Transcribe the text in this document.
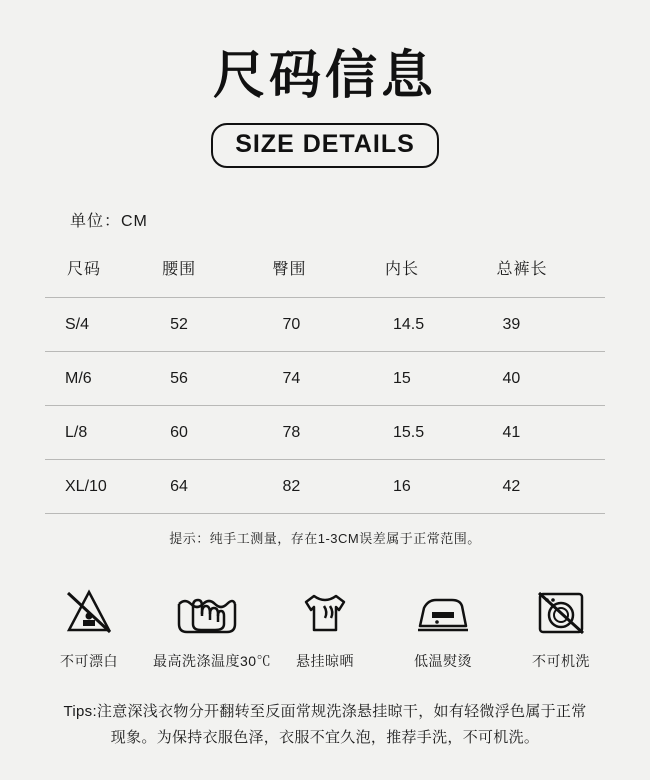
尺码信息
SIZE DETAILS
单位：CM
尺码	腰围	臀围	内长	总裤长
S/4	52	70	14.5	39
M/6	56	74	15	40
L/8	60	78	15.5	41
XL/10	64	82	16	42
提示：纯手工测量，存在1-3CM误差属于正常范围。
不可漂白	最高洗涤温度30℃	悬挂晾晒	低温熨烫	不可机洗
Tips:注意深浅衣物分开翻转至反面常规洗涤悬挂晾干，如有轻微浮色属于正常
现象。为保持衣服色泽，衣服不宜久泡，推荐手洗，不可机洗。
